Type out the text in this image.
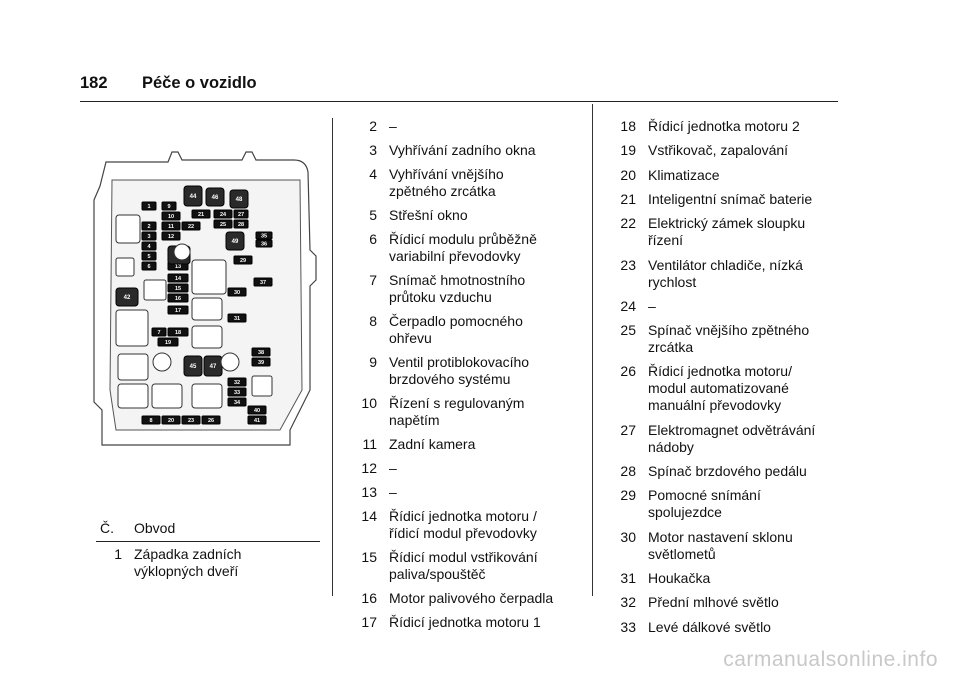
182 Péče o vozidlo
1
2
3
4
5
6
7
8
9
10
11
12
13
14
15
16
17
18
19
20
21
22
23
24
25
26
27
28
29
30
31
32
33
34
35
36
37
38
39
40
41
42
44
45
46
47
48
49
Č. Obvod
1 Západka zadních
výklopných dveří
2 –
3 Vyhřívání zadního okna
4 Vyhřívání vnějšího
zpětného zrcátka
5 Střešní okno
6 Řídicí modulu průběžně
variabilní převodovky
7 Snímač hmotnostního
průtoku vzduchu
8 Čerpadlo pomocného
ohřevu
9 Ventil protiblokovacího
brzdového systému
10 Řízení s regulovaným
napětím
11 Zadní kamera
12 –
13 –
14 Řídicí jednotka motoru /
řídicí modul převodovky
15 Řídicí modul vstřikování
paliva/spouštěč
16 Motor palivového čerpadla
17 Řídicí jednotka motoru 1
18 Řídicí jednotka motoru 2
19 Vstřikovač, zapalování
20 Klimatizace
21 Inteligentní snímač baterie
22 Elektrický zámek sloupku
řízení
23 Ventilátor chladiče, nízká
rychlost
24 –
25 Spínač vnějšího zpětného
zrcátka
26 Řídicí jednotka motoru/
modul automatizované
manuální převodovky
27 Elektromagnet odvětrávání
nádoby
28 Spínač brzdového pedálu
29 Pomocné snímání
spolujezdce
30 Motor nastavení sklonu
světlometů
31 Houkačka
32 Přední mlhové světlo
33 Levé dálkové světlo
carmanualsonline.info
